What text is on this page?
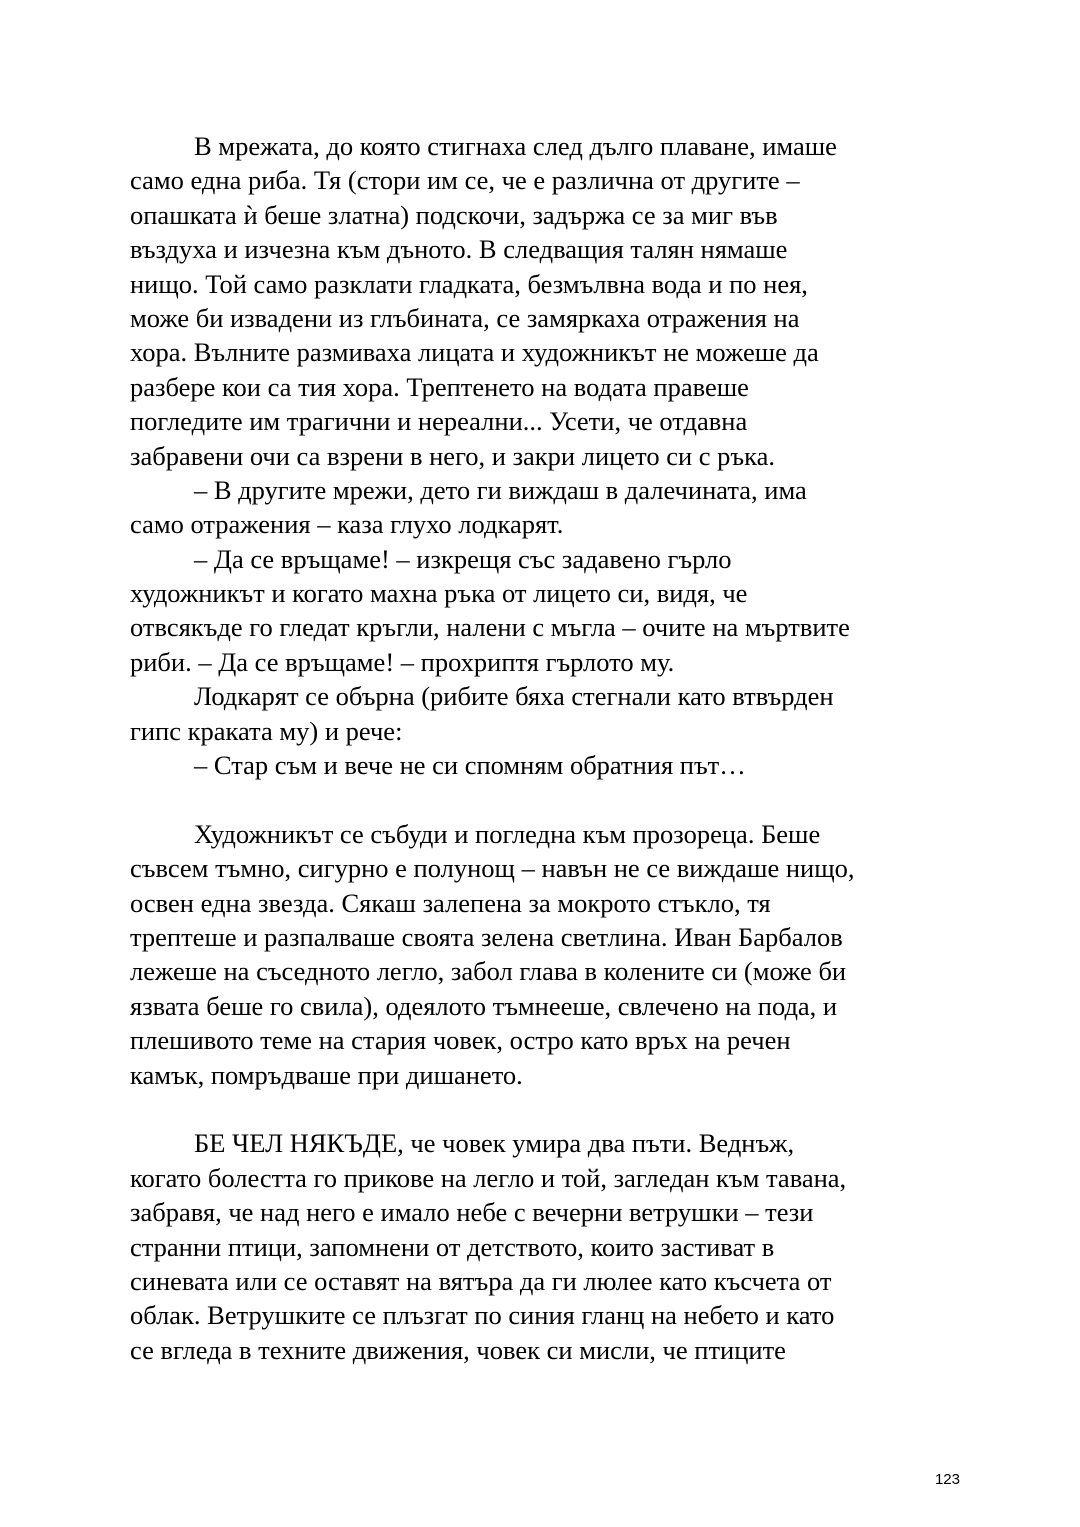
В мрежата, до която стигнаха след дълго плаване, имаше
само една риба. Тя (стори им се, че е различна от другите –
опашката ѝ беше златна) подскочи, задържа се за миг във
въздуха и изчезна към дъното. В следващия талян нямаше
нищо. Той само разклати гладката, безмълвна вода и по нея,
може би извадени из глъбината, се замяркаха отражения на
хора. Вълните размиваха лицата и художникът не можеше да
разбере кои са тия хора. Трептенето на водата правеше
погледите им трагични и нереални... Усети, че отдавна
забравени очи са взрени в него, и закри лицето си с ръка.
– В другите мрежи, дето ги виждаш в далечината, има
само отражения – каза глухо лодкарят.
– Да се връщаме! – изкрещя със задавено гърло
художникът и когато махна ръка от лицето си, видя, че
отвсякъде го гледат кръгли, налени с мъгла – очите на мъртвите
риби. – Да се връщаме! – прохриптя гърлото му.
Лодкарят се обърна (рибите бяха стегнали като втвърден
гипс краката му) и рече:
– Стар съм и вече не си спомням обратния път…
Художникът се събуди и погледна към прозореца. Беше
съвсем тъмно, сигурно е полунощ – навън не се виждаше нищо,
освен една звезда. Сякаш залепена за мокрото стъкло, тя
трептеше и разпалваше своята зелена светлина. Иван Барбалов
лежеше на съседното легло, забол глава в колените си (може би
язвата беше го свила), одеялото тъмнееше, свлечено на пода, и
плешивото теме на стария човек, остро като връх на речен
камък, помръдваше при дишането.
БЕ ЧЕЛ НЯКЪДЕ, че човек умира два пъти. Веднъж,
когато болестта го прикове на легло и той, загледан към тавана,
забравя, че над него е имало небе с вечерни ветрушки – тези
странни птици, запомнени от детството, които застиват в
синевата или се оставят на вятъра да ги люлее като късчета от
облак. Ветрушките се плъзгат по синия гланц на небето и като
се вгледа в техните движения, човек си мисли, че птиците
123
